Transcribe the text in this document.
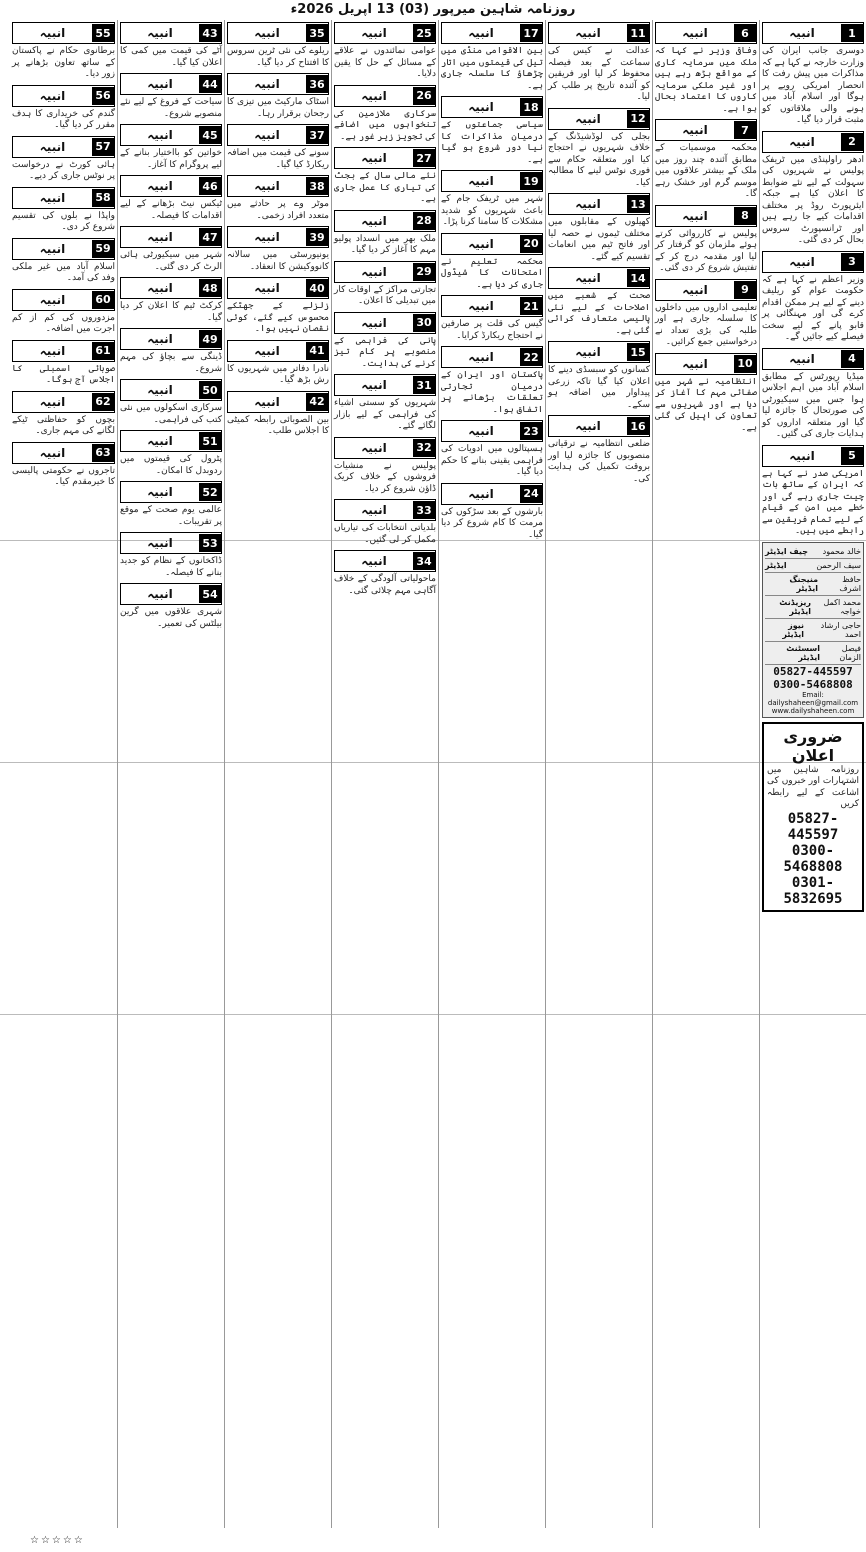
روزنامہ شاہین میرپور (03) 13 اپریل 2026ء
1
انبیہ
دوسری جانب ایران کی وزارت خارجہ نے کہا ہے کہ مذاکرات میں پیش رفت کا انحصار امریکی رویے پر ہوگا اور اسلام آباد میں ہونے والی ملاقاتوں کو مثبت قرار دیا گیا۔
2
انبیہ
ادھر راولپنڈی میں ٹریفک پولیس نے شہریوں کی سہولت کے لیے نئے ضوابط کا اعلان کیا ہے جبکہ ایئرپورٹ روڈ پر مختلف اقدامات کیے جا رہے ہیں اور ٹرانسپورٹ سروس بحال کر دی گئی۔
3
انبیہ
وزیر اعظم نے کہا ہے کہ حکومت عوام کو ریلیف دینے کے لیے ہر ممکن اقدام کرے گی اور مہنگائی پر قابو پانے کے لیے سخت فیصلے کیے جائیں گے۔
4
انبیہ
میڈیا رپورٹس کے مطابق اسلام آباد میں اہم اجلاس ہوا جس میں سیکیورٹی کی صورتحال کا جائزہ لیا گیا اور متعلقہ اداروں کو ہدایات جاری کی گئیں۔
5
انبیہ
امریکی صدر نے کہا ہے کہ ایران کے ساتھ بات چیت جاری رہے گی اور خطے میں امن کے قیام کے لیے تمام فریقین سے رابطے میں ہیں۔
چیف ایڈیٹر خالد محمود
ایڈیٹر	سیف الرحمن
منیجنگ ایڈیٹر
حافظ اشرف
ریزیڈنٹ ایڈیٹر
محمد اکمل خواجہ
نیوز ایڈیٹر
حاجی ارشاد احمد
اسسٹنٹ ایڈیٹر
فیصل الزمان
05827-445597
0300-5468808
Email: dailyshaheen@gmail.com
www.dailyshaheen.com
ضروری اعلان
روزنامہ شاہین میں اشتہارات اور خبروں کی اشاعت کے لیے رابطہ کریں
05827-445597
0300-5468808
0301-5832695
6
انبیہ
وفاقی وزیر نے کہا کہ ملک میں سرمایہ کاری کے مواقع بڑھ رہے ہیں اور غیر ملکی سرمایہ کاروں کا اعتماد بحال ہوا ہے۔
7
انبیہ
محکمہ موسمیات کے مطابق آئندہ چند روز میں ملک کے بیشتر علاقوں میں موسم گرم اور خشک رہے گا۔
8
انبیہ
پولیس نے کارروائی کرتے ہوئے ملزمان کو گرفتار کر لیا اور مقدمہ درج کر کے تفتیش شروع کر دی گئی۔
9
انبیہ
تعلیمی اداروں میں داخلوں کا سلسلہ جاری ہے اور طلبہ کی بڑی تعداد نے درخواستیں جمع کرائیں۔
10
انبیہ
انتظامیہ نے شہر میں صفائی مہم کا آغاز کر دیا ہے اور شہریوں سے تعاون کی اپیل کی گئی ہے۔
11
انبیہ
عدالت نے کیس کی سماعت کے بعد فیصلہ محفوظ کر لیا اور فریقین کو آئندہ تاریخ پر طلب کر لیا۔
12
انبیہ
بجلی کی لوڈشیڈنگ کے خلاف شہریوں نے احتجاج کیا اور متعلقہ حکام سے فوری نوٹس لینے کا مطالبہ کیا۔
13
انبیہ
کھیلوں کے مقابلوں میں مختلف ٹیموں نے حصہ لیا اور فاتح ٹیم میں انعامات تقسیم کیے گئے۔
14
انبیہ
صحت کے شعبے میں اصلاحات کے لیے نئی پالیسی متعارف کرائی گئی ہے۔
15
انبیہ
کسانوں کو سبسڈی دینے کا اعلان کیا گیا تاکہ زرعی پیداوار میں اضافہ ہو سکے۔
16
انبیہ
ضلعی انتظامیہ نے ترقیاتی منصوبوں کا جائزہ لیا اور بروقت تکمیل کی ہدایت کی۔
17
انبیہ
بین الاقوامی منڈی میں تیل کی قیمتوں میں اتار چڑھاؤ کا سلسلہ جاری ہے۔
18
انبیہ
سیاسی جماعتوں کے درمیان مذاکرات کا نیا دور شروع ہو گیا ہے۔
19
انبیہ
شہر میں ٹریفک جام کے باعث شہریوں کو شدید مشکلات کا سامنا کرنا پڑا۔
20
انبیہ
محکمہ تعلیم نے امتحانات کا شیڈول جاری کر دیا ہے۔
21
انبیہ
گیس کی قلت پر صارفین نے احتجاج ریکارڈ کرایا۔
22
انبیہ
پاکستان اور ایران کے درمیان تجارتی تعلقات بڑھانے پر اتفاق ہوا۔
23
انبیہ
ہسپتالوں میں ادویات کی فراہمی یقینی بنانے کا حکم دیا گیا۔
24
انبیہ
بارشوں کے بعد سڑکوں کی مرمت کا کام شروع کر دیا گیا۔
25
انبیہ
عوامی نمائندوں نے علاقے کے مسائل کے حل کا یقین دلایا۔
26
انبیہ
سرکاری ملازمین کی تنخواہوں میں اضافے کی تجویز زیر غور ہے۔
27
انبیہ
نئے مالی سال کے بجٹ کی تیاری کا عمل جاری ہے۔
28
انبیہ
ملک بھر میں انسداد پولیو مہم کا آغاز کر دیا گیا۔
29
انبیہ
تجارتی مراکز کے اوقات کار میں تبدیلی کا اعلان۔
30
انبیہ
پانی کی فراہمی کے منصوبے پر کام تیز کرنے کی ہدایت۔
31
انبیہ
شہریوں کو سستی اشیاء کی فراہمی کے لیے بازار لگائے گئے۔
32
انبیہ
پولیس نے منشیات فروشوں کے خلاف کریک ڈاؤن شروع کر دیا۔
33
انبیہ
بلدیاتی انتخابات کی تیاریاں مکمل کر لی گئیں۔
34
انبیہ
ماحولیاتی آلودگی کے خلاف آگاہی مہم چلائی گئی۔
35
انبیہ
ریلوے کی نئی ٹرین سروس کا افتتاح کر دیا گیا۔
36
انبیہ
اسٹاک مارکیٹ میں تیزی کا رجحان برقرار رہا۔
37
انبیہ
سونے کی قیمت میں اضافہ ریکارڈ کیا گیا۔
38
انبیہ
موٹر وے پر حادثے میں متعدد افراد زخمی۔
39
انبیہ
یونیورسٹی میں سالانہ کانووکیشن کا انعقاد۔
40
انبیہ
زلزلے کے جھٹکے محسوس کیے گئے، کوئی نقصان نہیں ہوا۔
41
انبیہ
نادرا دفاتر میں شہریوں کا رش بڑھ گیا۔
42
انبیہ
بین الصوبائی رابطہ کمیٹی کا اجلاس طلب۔
43
انبیہ
آٹے کی قیمت میں کمی کا اعلان کیا گیا۔
44
انبیہ
سیاحت کے فروغ کے لیے نئے منصوبے شروع۔
45
انبیہ
خواتین کو بااختیار بنانے کے لیے پروگرام کا آغاز۔
46
انبیہ
ٹیکس نیٹ بڑھانے کے لیے اقدامات کا فیصلہ۔
47
انبیہ
شہر میں سیکیورٹی ہائی الرٹ کر دی گئی۔
48
انبیہ
کرکٹ ٹیم کا اعلان کر دیا گیا۔
49
انبیہ
ڈینگی سے بچاؤ کی مہم شروع۔
50
انبیہ
سرکاری اسکولوں میں نئی کتب کی فراہمی۔
51
انبیہ
پٹرول کی قیمتوں میں ردوبدل کا امکان۔
52
انبیہ
عالمی یوم صحت کے موقع پر تقریبات۔
53
انبیہ
ڈاکخانوں کے نظام کو جدید بنانے کا فیصلہ۔
54
انبیہ
شہری علاقوں میں گرین بیلٹس کی تعمیر۔
55
انبیہ
برطانوی حکام نے پاکستان کے ساتھ تعاون بڑھانے پر زور دیا۔
56
انبیہ
گندم کی خریداری کا ہدف مقرر کر دیا گیا۔
57
انبیہ
ہائی کورٹ نے درخواست پر نوٹس جاری کر دیے۔
58
انبیہ
واپڈا نے بلوں کی تقسیم شروع کر دی۔
59
انبیہ
اسلام آباد میں غیر ملکی وفد کی آمد۔
60
انبیہ
مزدوروں کی کم از کم اجرت میں اضافہ۔
61
انبیہ
صوبائی اسمبلی کا اجلاس آج ہوگا۔
62
انبیہ
بچوں کو حفاظتی ٹیکے لگانے کی مہم جاری۔
63
انبیہ
تاجروں نے حکومتی پالیسی کا خیرمقدم کیا۔
☆☆☆☆☆
